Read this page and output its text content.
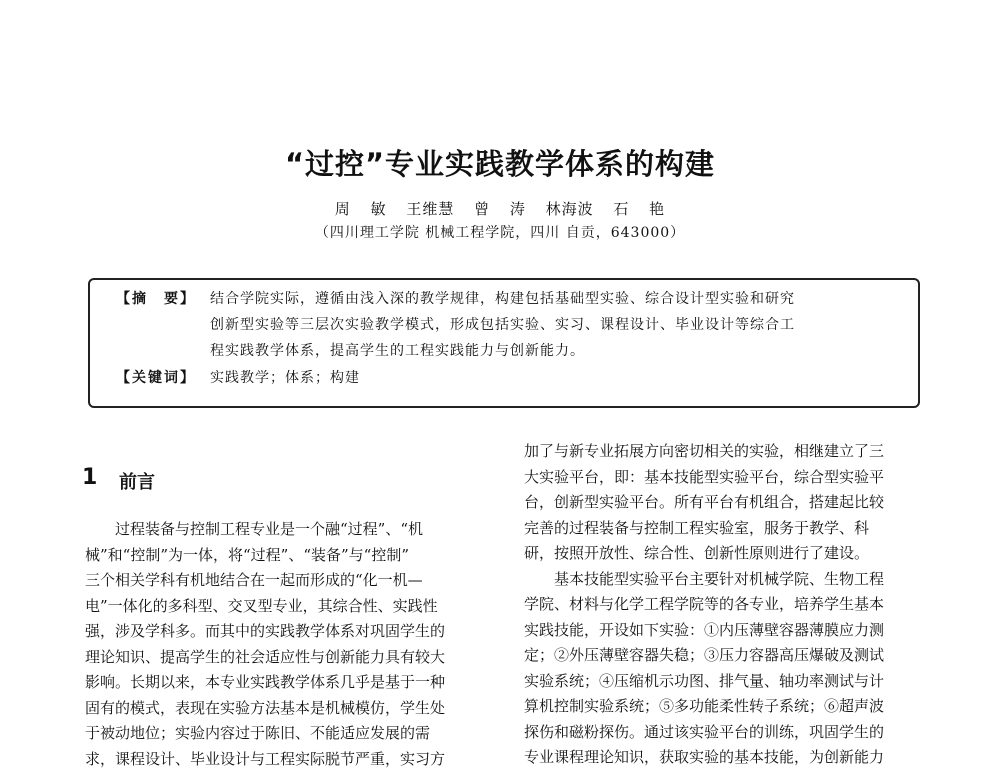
“过控”专业实践教学体系的构建
周 敏 王维慧 曾 涛 林海波 石 艳
（四川理工学院 机械工程学院，四川 自贡，643000）
【摘　要】 结合学院实际，遵循由浅入深的教学规律，构建包括基础型实验、综合设计型实验和研究
创新型实验等三层次实验教学模式，形成包括实验、实习、课程设计、毕业设计等综合工
程实践教学体系，提高学生的工程实践能力与创新能力。
【关键词】 实践教学；体系；构建
1 前言
过程装备与控制工程专业是一个融“过程”、“机
械”和“控制”为一体，将“过程”、“装备”与“控制”
三个相关学科有机地结合在一起而形成的“化一机—
电”一体化的多科型、交叉型专业，其综合性、实践性
强，涉及学科多。而其中的实践教学体系对巩固学生的
理论知识、提高学生的社会适应性与创新能力具有较大
影响。长期以来，本专业实践教学体系几乎是基于一种
固有的模式，表现在实验方法基本是机械模仿，学生处
于被动地位；实验内容过于陈旧、不能适应发展的需
求，课程设计、毕业设计与工程实际脱节严重，实习方
加了与新专业拓展方向密切相关的实验，相继建立了三
大实验平台，即：基本技能型实验平台，综合型实验平
台，创新型实验平台。所有平台有机组合，搭建起比较
完善的过程装备与控制工程实验室，服务于教学、科
研，按照开放性、综合性、创新性原则进行了建设。
基本技能型实验平台主要针对机械学院、生物工程
学院、材料与化学工程学院等的各专业，培养学生基本
实践技能，开设如下实验：①内压薄壁容器薄膜应力测
定；②外压薄壁容器失稳；③压力容器高压爆破及测试
实验系统；④压缩机示功图、排气量、轴功率测试与计
算机控制实验系统；⑤多功能柔性转子系统；⑥超声波
探伤和磁粉探伤。通过该实验平台的训练，巩固学生的
专业课程理论知识，获取实验的基本技能，为创新能力
